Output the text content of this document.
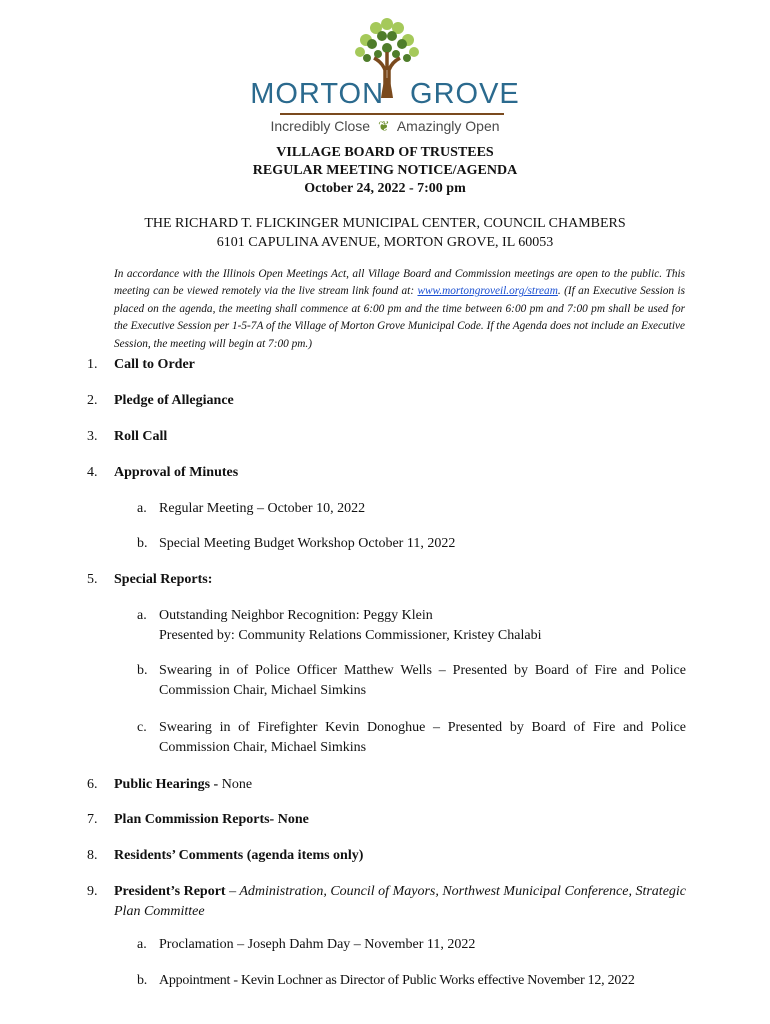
MORTON GROVE
Incredibly Close ❦ Amazingly Open
VILLAGE BOARD OF TRUSTEES
REGULAR MEETING NOTICE/AGENDA
October 24, 2022 - 7:00 pm
THE RICHARD T. FLICKINGER MUNICIPAL CENTER, COUNCIL CHAMBERS
6101 CAPULINA AVENUE, MORTON GROVE, IL 60053
In accordance with the Illinois Open Meetings Act, all Village Board and Commission meetings are open to the public. This meeting can be viewed remotely via the live stream link found at: www.mortongroveil.org/stream. (If an Executive Session is placed on the agenda, the meeting shall commence at 6:00 pm and the time between 6:00 pm and 7:00 pm shall be used for the Executive Session per 1-5-7A of the Village of Morton Grove Municipal Code. If the Agenda does not include an Executive Session, the meeting will begin at 7:00 pm.)
1. Call to Order
2. Pledge of Allegiance
3. Roll Call
4. Approval of Minutes
a. Regular Meeting – October 10, 2022
b. Special Meeting Budget Workshop October 11, 2022
5. Special Reports:
a. Outstanding Neighbor Recognition: Peggy Klein
Presented by: Community Relations Commissioner, Kristey Chalabi
b. Swearing in of Police Officer Matthew Wells – Presented by Board of Fire and Police Commission Chair, Michael Simkins
c. Swearing in of Firefighter Kevin Donoghue – Presented by Board of Fire and Police Commission Chair, Michael Simkins
6. Public Hearings - None
7. Plan Commission Reports- None
8. Residents’ Comments (agenda items only)
9. President’s Report – Administration, Council of Mayors, Northwest Municipal Conference, Strategic Plan Committee
a. Proclamation – Joseph Dahm Day – November 11, 2022
b. Appointment - Kevin Lochner as Director of Public Works effective November 12, 2022
